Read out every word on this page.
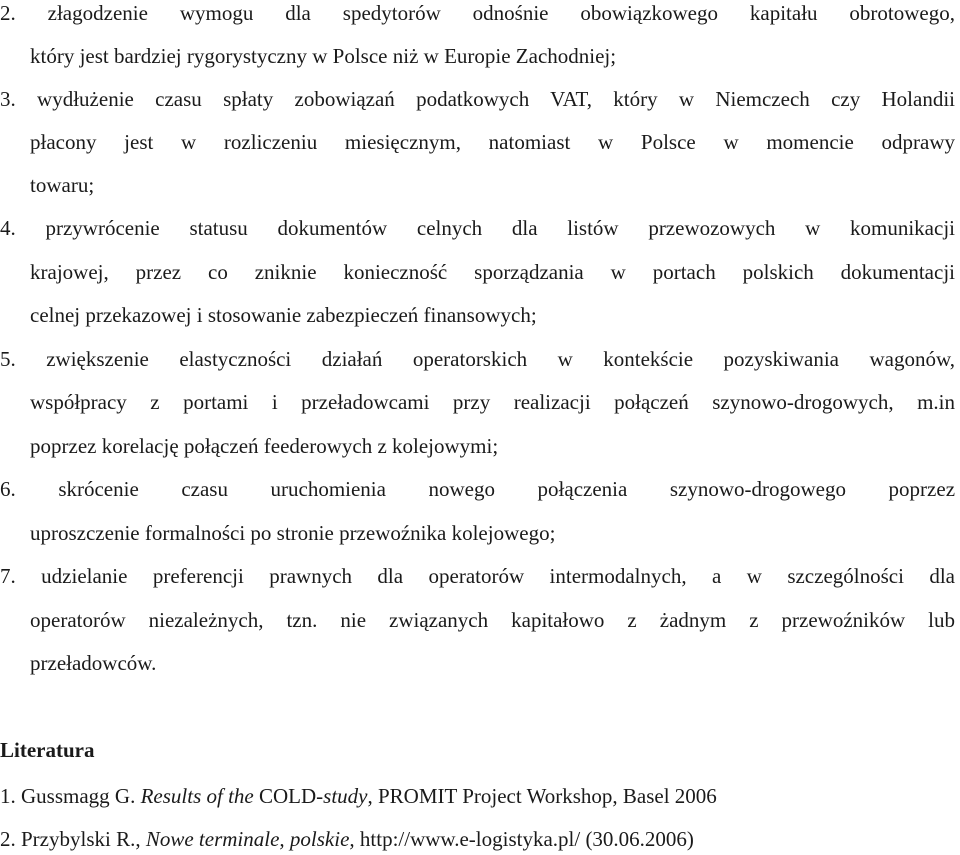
2. złagodzenie wymogu dla spedytorów odnośnie obowiązkowego kapitału obrotowego,
który jest bardziej rygorystyczny w Polsce niż w Europie Zachodniej;
3. wydłużenie czasu spłaty zobowiązań podatkowych VAT, który w Niemczech czy Holandii
płacony jest w rozliczeniu miesięcznym, natomiast w Polsce w momencie odprawy
towaru;
4. przywrócenie statusu dokumentów celnych dla listów przewozowych w komunikacji
krajowej, przez co zniknie konieczność sporządzania w portach polskich dokumentacji
celnej przekazowej i stosowanie zabezpieczeń finansowych;
5. zwiększenie elastyczności działań operatorskich w kontekście pozyskiwania wagonów,
współpracy z portami i przeładowcami przy realizacji połączeń szynowo-drogowych, m.in
poprzez korelację połączeń feederowych z kolejowymi;
6. skrócenie czasu uruchomienia nowego połączenia szynowo-drogowego poprzez
uproszczenie formalności po stronie przewoźnika kolejowego;
7. udzielanie preferencji prawnych dla operatorów intermodalnych, a w szczególności dla
operatorów niezależnych, tzn. nie związanych kapitałowo z żadnym z przewoźników lub
przeładowców.
Literatura
1. Gussmagg G. Results of the COLD-study, PROMIT Project Workshop, Basel 2006
2. Przybylski R., Nowe terminale, polskie, http://www.e-logistyka.pl/ (30.06.2006)
